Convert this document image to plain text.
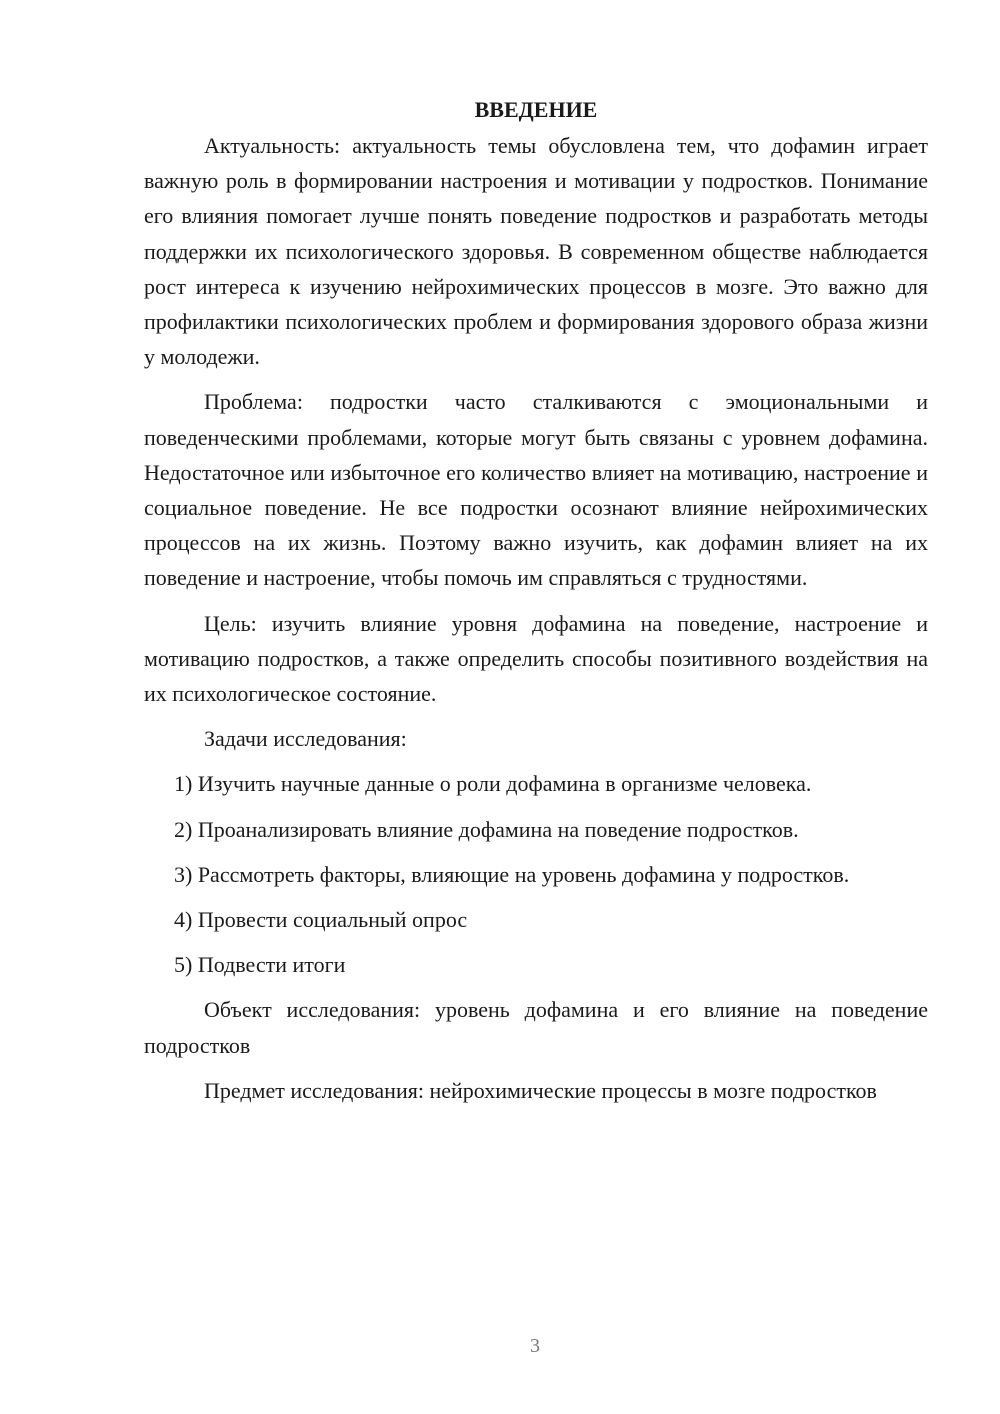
ВВЕДЕНИЕ

Актуальность: актуальность темы обусловлена тем, что дофамин играет важную роль в формировании настроения и мотивации у подростков. Понимание его влияния помогает лучше понять поведение подростков и разработать методы поддержки их психологического здоровья. В современном обществе наблюдается рост интереса к изучению нейрохимических процессов в мозге. Это важно для профилактики психологических проблем и формирования здорового образа жизни у молодежи.

Проблема: подростки часто сталкиваются с эмоциональными и поведенческими проблемами, которые могут быть связаны с уровнем дофамина. Недостаточное или избыточное его количество влияет на мотивацию, настроение и социальное поведение. Не все подростки осознают влияние нейрохимических процессов на их жизнь. Поэтому важно изучить, как дофамин влияет на их поведение и настроение, чтобы помочь им справляться с трудностями.

Цель: изучить влияние уровня дофамина на поведение, настроение и мотивацию подростков, а также определить способы позитивного воздействия на их психологическое состояние.

Задачи исследования:

1) Изучить научные данные о роли дофамина в организме человека.

2) Проанализировать влияние дофамина на поведение подростков.

3) Рассмотреть факторы, влияющие на уровень дофамина у подростков.

4) Провести социальный опрос

5) Подвести итоги

Объект исследования: уровень дофамина и его влияние на поведение подростков

Предмет исследования: нейрохимические процессы в мозге подростков

3
